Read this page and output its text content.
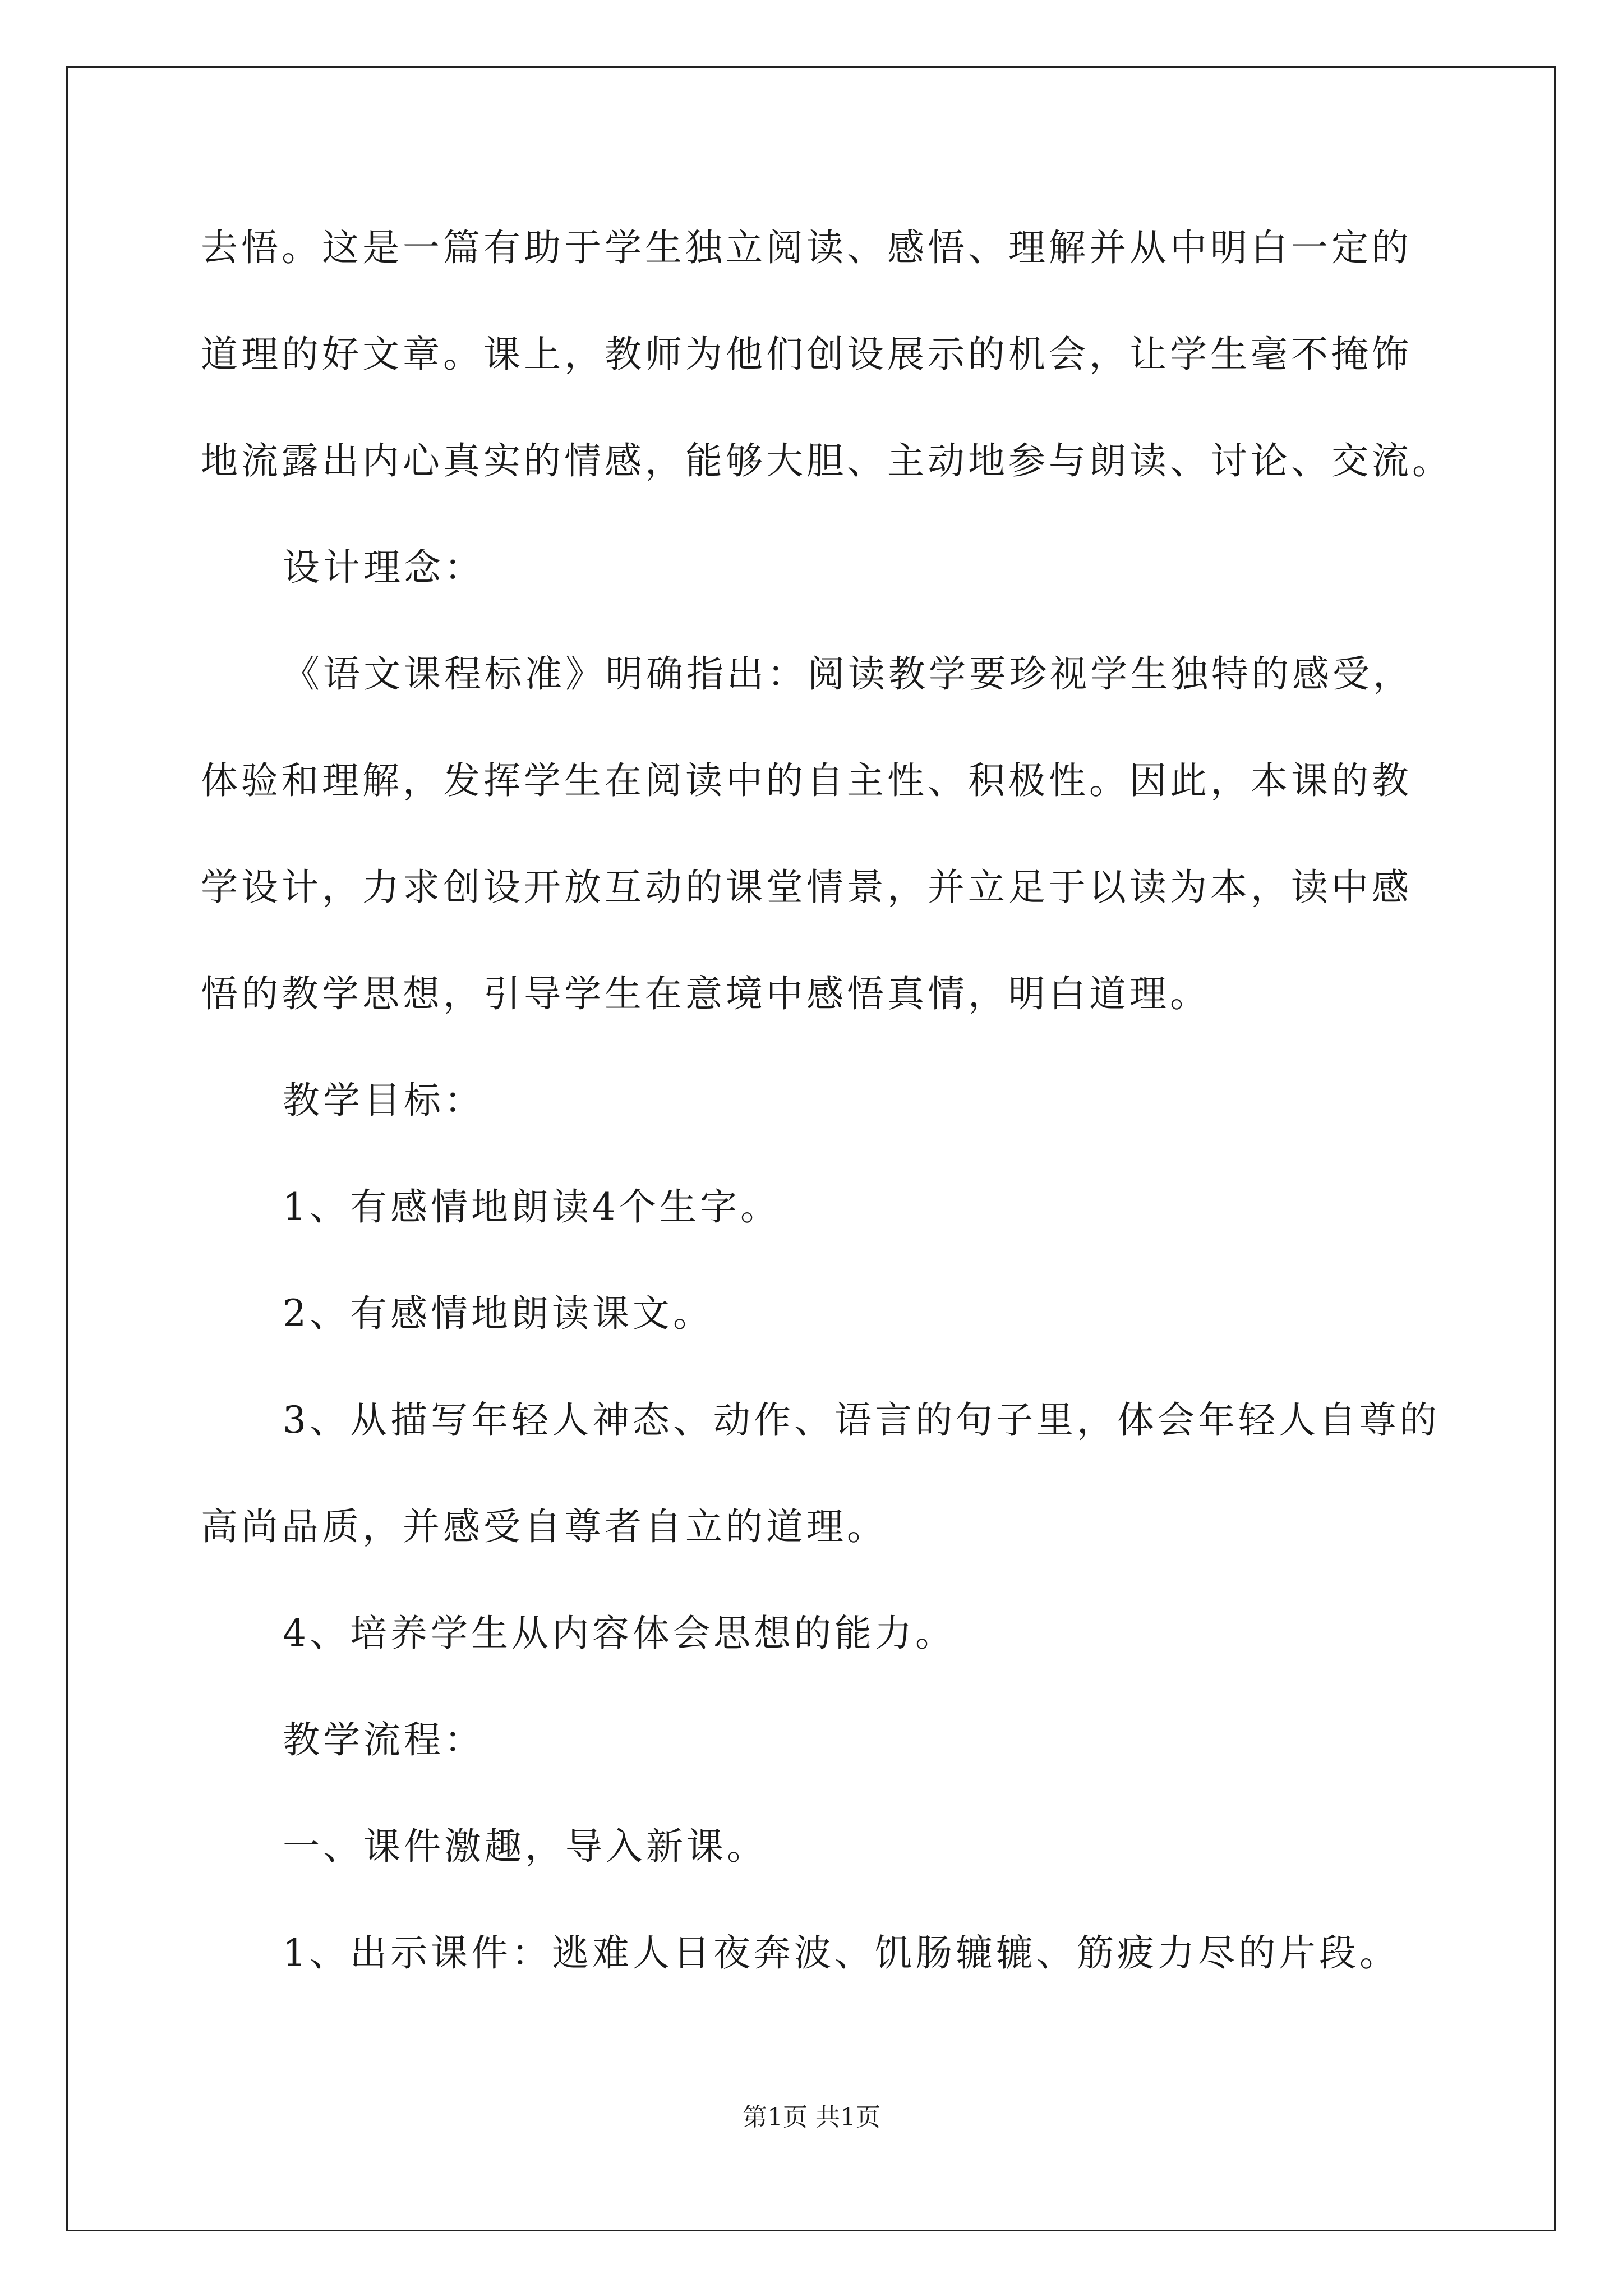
去悟。这是一篇有助于学生独立阅读、感悟、理解并从中明白一定的
道理的好文章。课上，教师为他们创设展示的机会，让学生毫不掩饰
地流露出内心真实的情感，能够大胆、主动地参与朗读、讨论、交流。
设计理念：
《语文课程标准》明确指出：阅读教学要珍视学生独特的感受，
体验和理解，发挥学生在阅读中的自主性、积极性。因此，本课的教
学设计，力求创设开放互动的课堂情景，并立足于以读为本，读中感
悟的教学思想，引导学生在意境中感悟真情，明白道理。
教学目标：
1、有感情地朗读4个生字。
2、有感情地朗读课文。
3、从描写年轻人神态、动作、语言的句子里，体会年轻人自尊的
高尚品质，并感受自尊者自立的道理。
4、培养学生从内容体会思想的能力。
教学流程：
一、课件激趣，导入新课。
1、出示课件：逃难人日夜奔波、饥肠辘辘、筋疲力尽的片段。
第1页 共1页
